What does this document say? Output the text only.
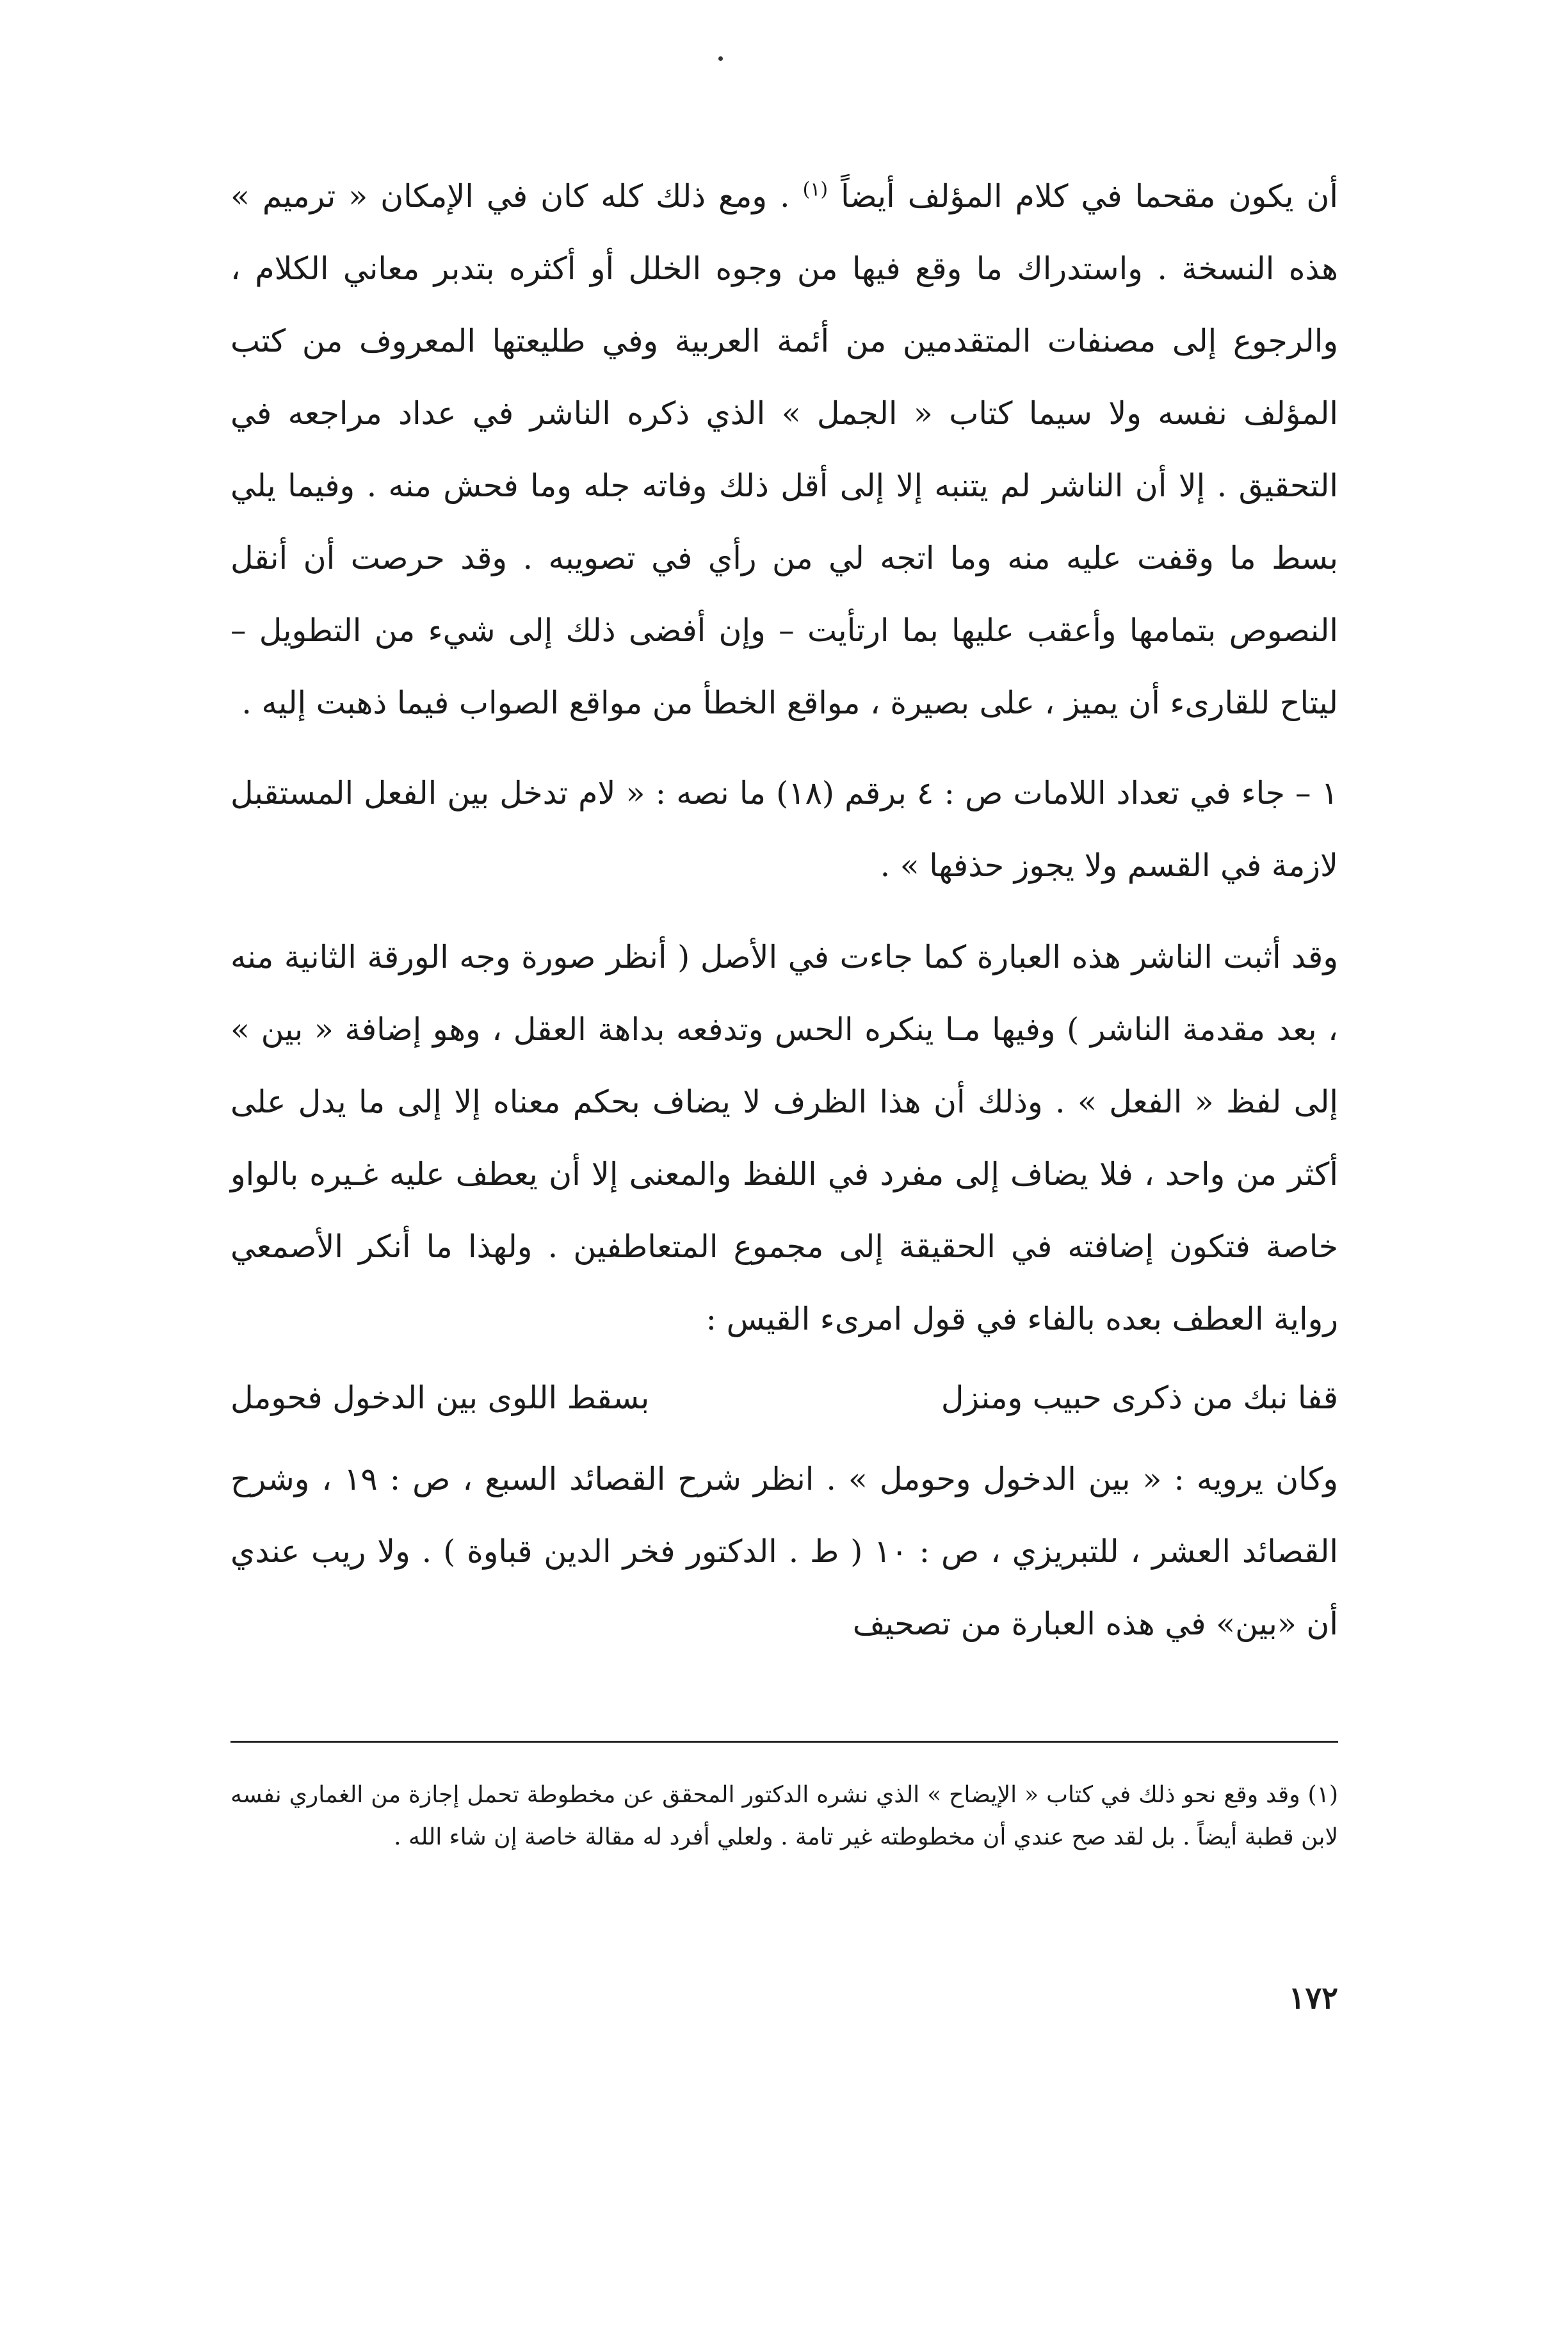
أن يكون مقحما في كلام المؤلف أيضاً $^{(١)}$ . ومع ذلك كله كان في الإمكان « ترميم » هذه النسخة . واستدراك ما وقع فيها من وجوه الخلل أو أكثره بتدبر معاني الكلام ، والرجوع إلى مصنفات المتقدمين من أئمة العربية وفي طليعتها المعروف من كتب المؤلف نفسه ولا سيما كتاب « الجمل » الذي ذكره الناشر في عداد مراجعه في التحقيق . إلا أن الناشر لم يتنبه إلا إلى أقل ذلك وفاته جله وما فحش منه . وفيما يلي بسط ما وقفت عليه منه وما اتجه لي من رأي في تصويبه . وقد حرصت أن أنقل النصوص بتمامها وأعقب عليها بما ارتأيت – وإن أفضى ذلك إلى شيء من التطويل – ليتاح للقارىء أن يميز ، على بصيرة ، مواقع الخطأ من مواقع الصواب فيما ذهبت إليه .

١ – جاء في تعداد اللامات ص : ٤ برقم (١٨) ما نصه : « لام تدخل بين الفعل المستقبل لازمة في القسم ولا يجوز حذفها » .

وقد أثبت الناشر هذه العبارة كما جاءت في الأصل ( أنظر صورة وجه الورقة الثانية منه ، بعد مقدمة الناشر ) وفيها مـا ينكره الحس وتدفعه بداهة العقل ، وهو إضافة « بين » إلى لفظ « الفعل » . وذلك أن هذا الظرف لا يضاف بحكم معناه إلا إلى ما يدل على أكثر من واحد ، فلا يضاف إلى مفرد في اللفظ والمعنى إلا أن يعطف عليه غـيره بالواو خاصة فتكون إضافته في الحقيقة إلى مجموع المتعاطفين . ولهذا ما أنكر الأصمعي رواية العطف بعده بالفاء في قول امرىء القيس :

قفا نبك من ذكرى حبيب ومنزل
بسقط اللوى بين الدخول فحومل

وكان يرويه : « بين الدخول وحومل » . انظر شرح القصائد السبع ، ص : ١٩ ، وشرح القصائد العشر ، للتبريزي ، ص : ١٠ ( ط . الدكتور فخر الدين قباوة ) . ولا ريب عندي أن «بين» في هذه العبارة من تصحيف

(١) وقد وقع نحو ذلك في كتاب « الإيضاح » الذي نشره الدكتور المحقق عن مخطوطة تحمل إجازة من الغماري نفسه لابن قطبة أيضاً . بل لقد صح عندي أن مخطوطته غير تامة . ولعلي أفرد له مقالة خاصة إن شاء الله .

١٧٢
